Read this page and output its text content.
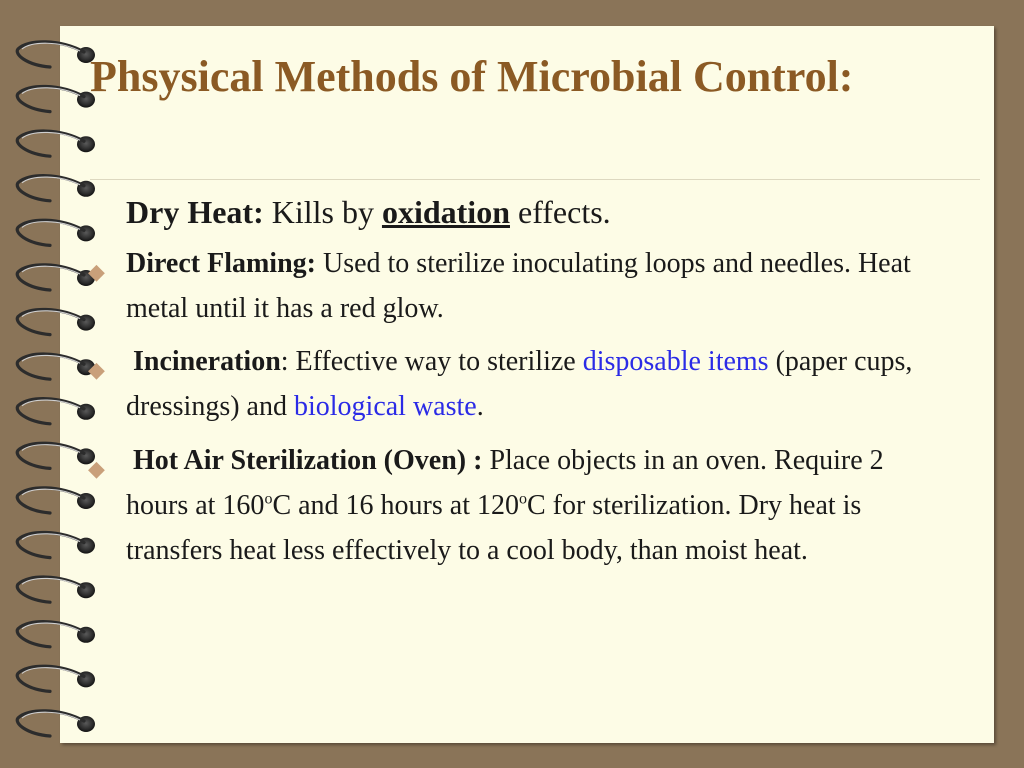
Phsysical Methods of Microbial Control:
Dry Heat: Kills by oxidation effects.
◆ Direct Flaming: Used to sterilize inoculating loops and needles. Heat metal until it has a red glow.
◆ Incineration: Effective way to sterilize disposable items (paper cups, dressings) and biological waste.
◆ Hot Air Sterilization (Oven) : Place objects in an oven. Require 2 hours at 160$^o$C and 16 hours at 120$^o$C for sterilization. Dry heat is transfers heat less effectively to a cool body, than moist heat.
